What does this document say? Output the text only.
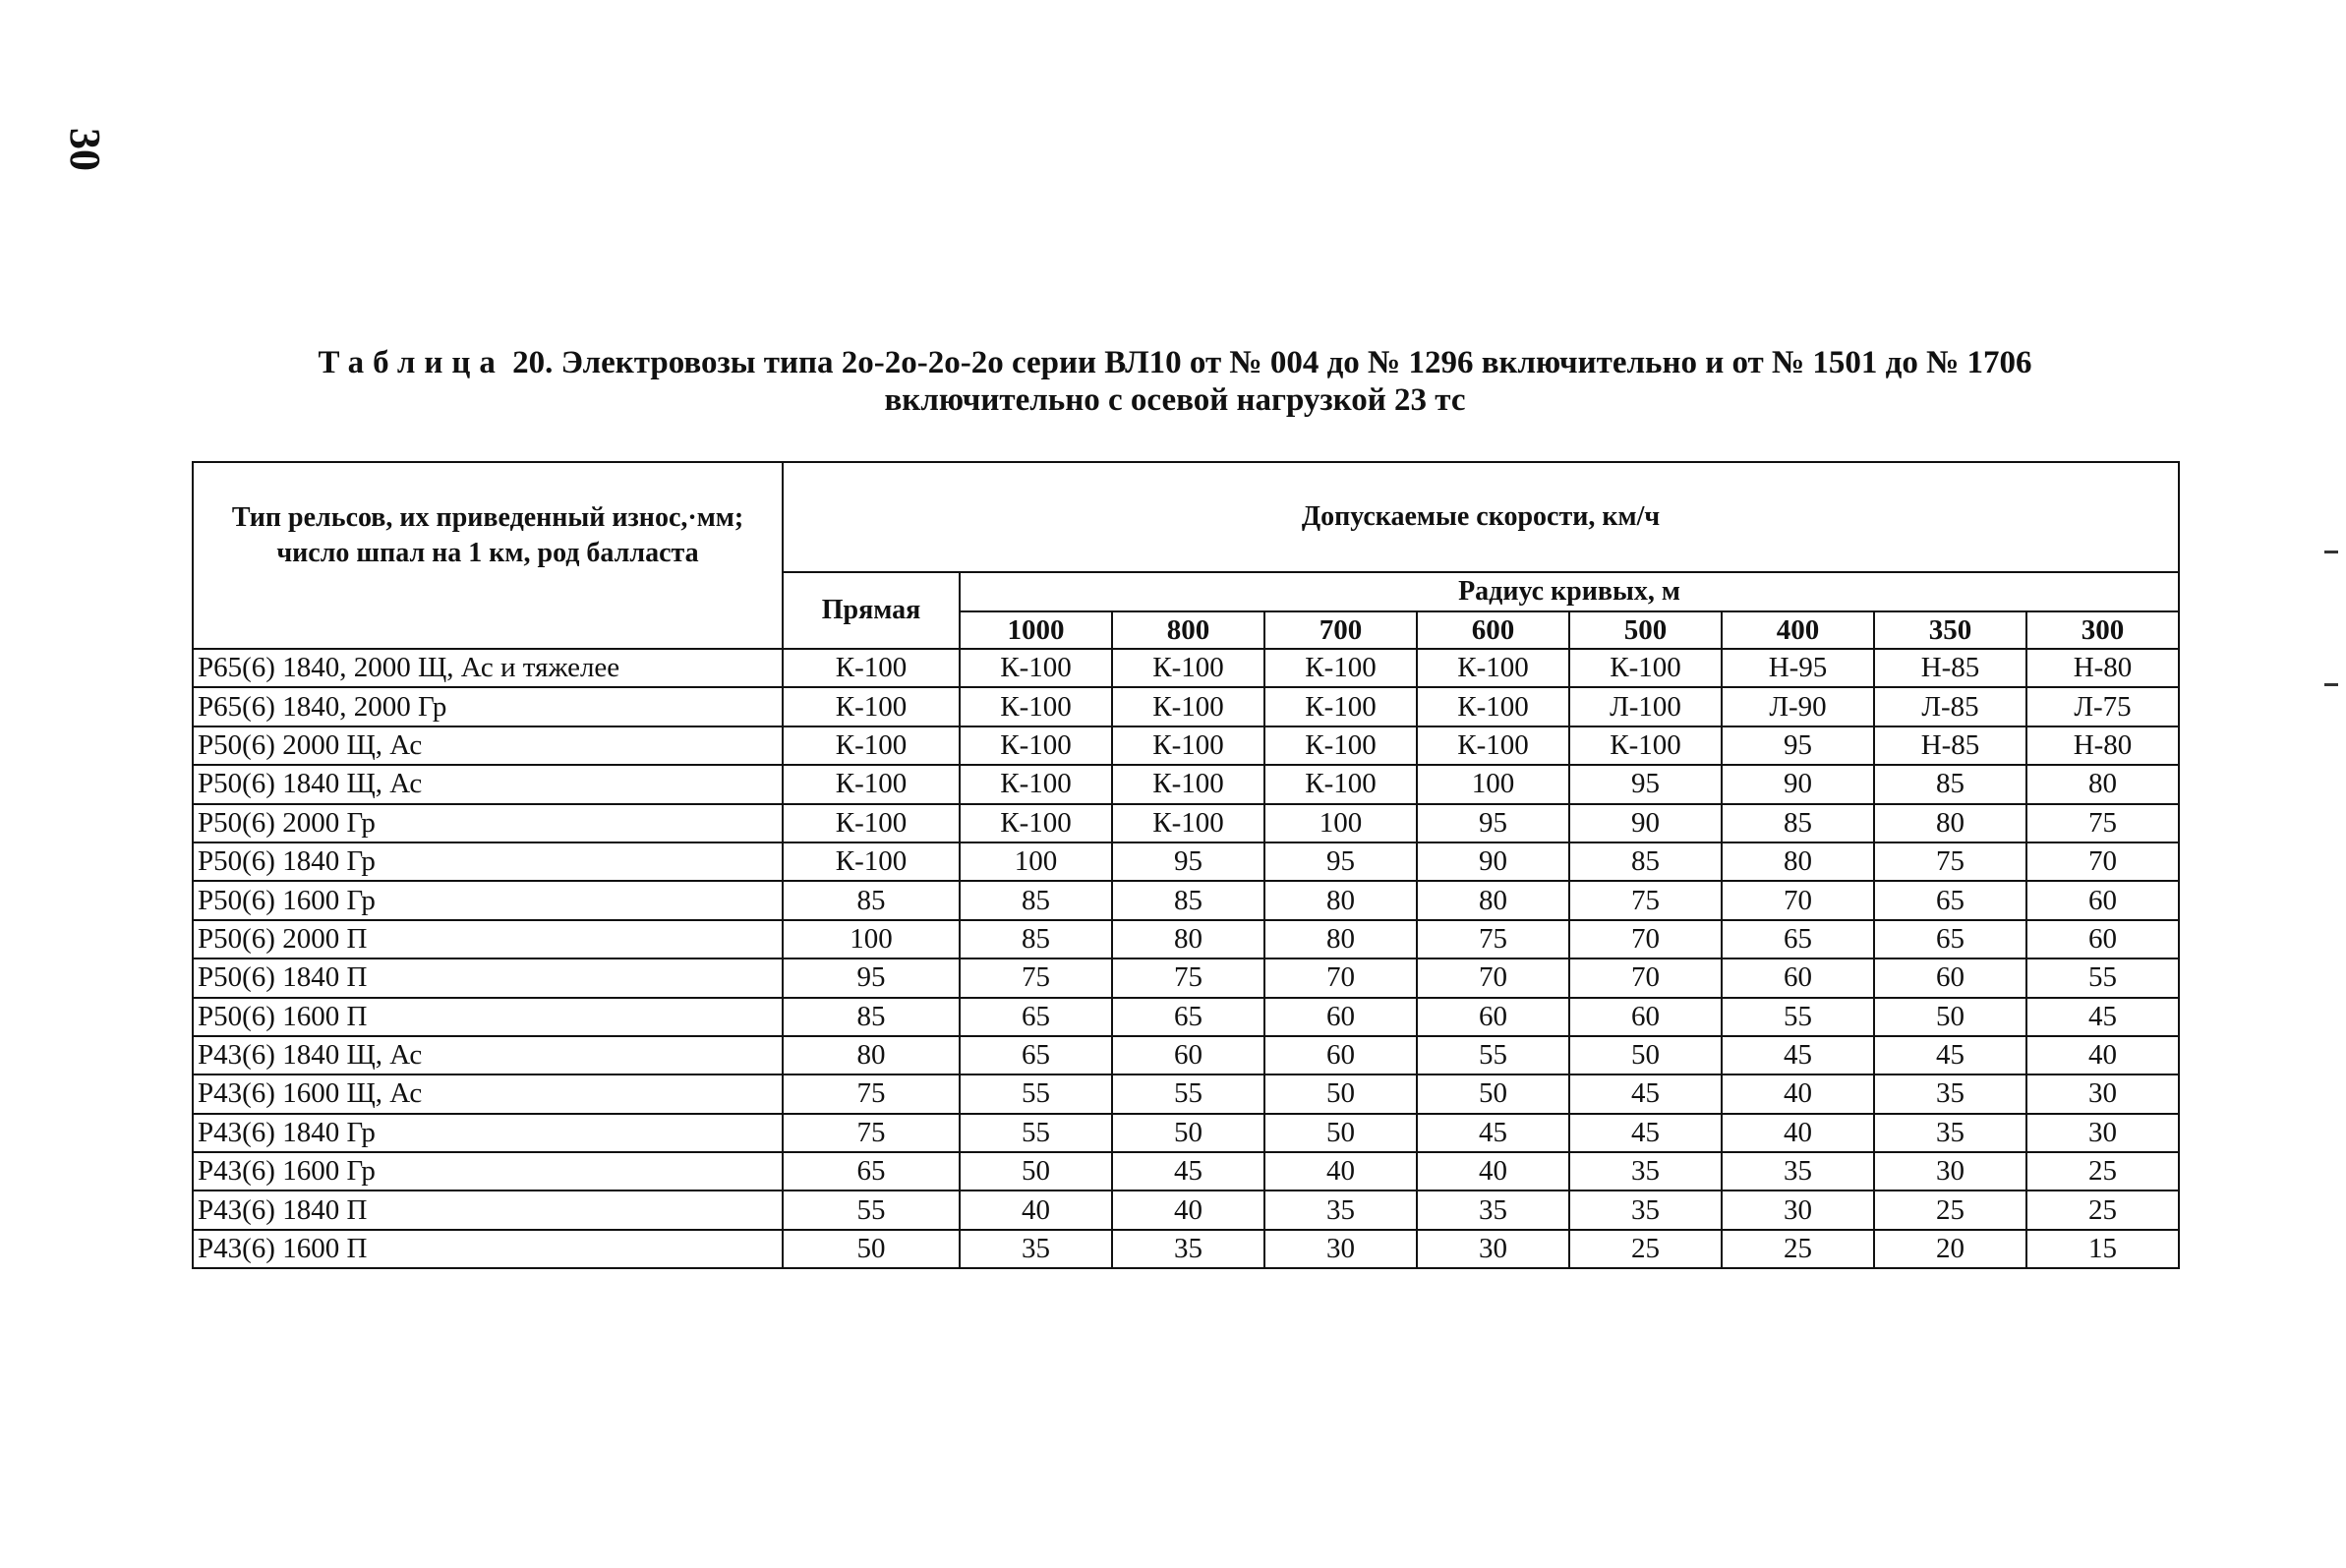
30
Таблица 20. Электровозы типа 2о-2о-2о-2о серии ВЛ10 от № 004 до № 1296 включительно и от № 1501 до № 1706
включительно с осевой нагрузкой 23 тс
Тип рельсов, их приведенный износ,·мм; число шпал на 1 км, род балласта	Допускаемые скорости, км/ч								
	Прямая	Радиус кривых, м							
		1000	800	700	600	500	400	350	300
Р65(6) 1840, 2000 Щ, Ас и тяжелее	К-100	К-100	К-100	К-100	К-100	К-100	Н-95	Н-85	Н-80
Р65(6) 1840, 2000 Гр	К-100	К-100	К-100	К-100	К-100	Л-100	Л-90	Л-85	Л-75
Р50(6) 2000 Щ, Ас	К-100	К-100	К-100	К-100	К-100	К-100	95	Н-85	Н-80
Р50(6) 1840 Щ, Ас	К-100	К-100	К-100	К-100	100	95	90	85	80
Р50(6) 2000 Гр	К-100	К-100	К-100	100	95	90	85	80	75
Р50(6) 1840 Гр	К-100	100	95	95	90	85	80	75	70
Р50(6) 1600 Гр	85	85	85	80	80	75	70	65	60
Р50(6) 2000 П	100	85	80	80	75	70	65	65	60
Р50(6) 1840 П	95	75	75	70	70	70	60	60	55
Р50(6) 1600 П	85	65	65	60	60	60	55	50	45
Р43(6) 1840 Щ, Ас	80	65	60	60	55	50	45	45	40
Р43(6) 1600 Щ, Ас	75	55	55	50	50	45	40	35	30
Р43(6) 1840 Гр	75	55	50	50	45	45	40	35	30
Р43(6) 1600 Гр	65	50	45	40	40	35	35	30	25
Р43(6) 1840 П	55	40	40	35	35	35	30	25	25
Р43(6) 1600 П	50	35	35	30	30	25	25	20	15
